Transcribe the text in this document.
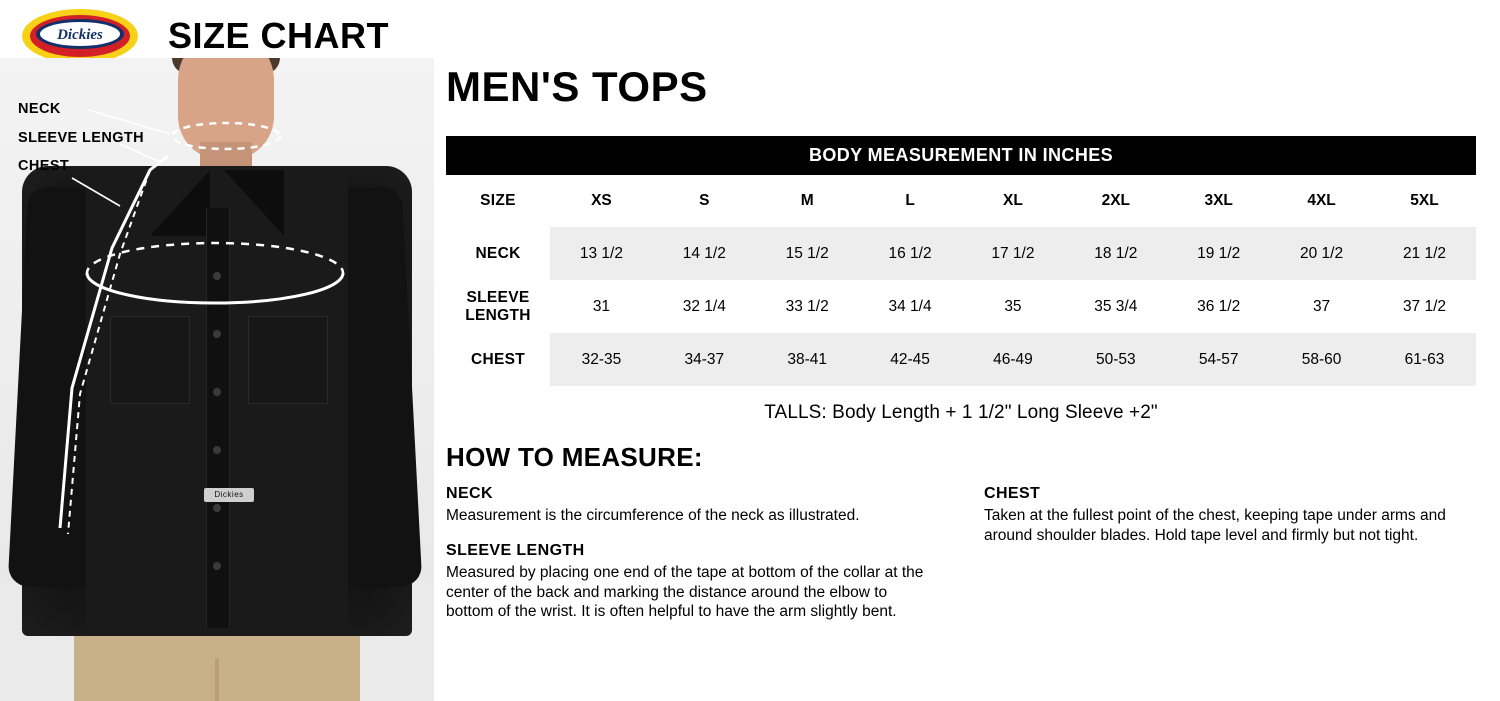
Dickies SIZE CHART
Dickies
NECK
SLEEVE LENGTH
CHEST
MEN'S TOPS
BODY MEASUREMENT IN INCHES
SIZE	XS	S	M	L	XL	2XL	3XL	4XL	5XL
NECK	13 1/2	14 1/2	15 1/2	16 1/2	17 1/2	18 1/2	19 1/2	20 1/2	21 1/2
SLEEVE LENGTH	31	32 1/4	33 1/2	34 1/4	35	35 3/4	36 1/2	37	37 1/2
CHEST	32-35	34-37	38-41	42-45	46-49	50-53	54-57	58-60	61-63
TALLS: Body Length + 1 1/2" Long Sleeve +2"
HOW TO MEASURE:
NECK
Measurement is the circumference of the neck as illustrated.
SLEEVE LENGTH
Measured by placing one end of the tape at bottom of the collar at the center of the back and marking the distance around the elbow to bottom of the wrist. It is often helpful to have the arm slightly bent.
CHEST
Taken at the fullest point of the chest, keeping tape under arms and around shoulder blades. Hold tape level and firmly but not tight.
